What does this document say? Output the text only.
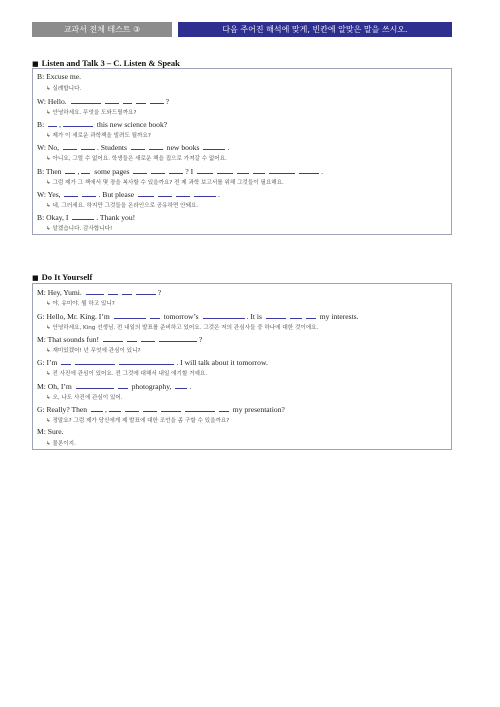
교과서 전체 테스트 ③	다음 주어진 해석에 맞게, 빈칸에 알맞은 말을 쓰시오.
■ Listen and Talk 3 – C. Listen & Speak
B: Excuse me.
↳ 실례합니다.
W: Hello.	?
↳ 안녕하세요. 무엇을 도와드릴까요?
B: ,	this new science book?
↳ 제가 이 새로운 과학책을 빌려도 될까요?
W: No,	. Students	new books	.
↳ 아니요, 그럴 수 없어요. 학생들은 새로운 책을 집으로 가져갈 수 없어요.
B: Then , some pages	? I	.
↳ 그럼 제가 그 책에서 몇 장을 복사할 수 있을까요? 전 제 과학 보고서를 위해 그것들이 필요해요.
W: Yes,	. But please	.
↳ 네, 그러세요. 하지만 그것들을 온라인으로 공유하면 안돼요.
B: Okay, I	. Thank you!
↳ 알겠습니다. 감사합니다!
■ Do It Yourself
M: Hey, Yumi.	?
↳ 야, 유미야. 뭘 하고 있니?
G: Hello, Mr. King. I’m	tomorrow’s	. It is	my interests.
↳ 안녕하세요, King 선생님. 전 내일의 발표를 준비하고 있어요. 그것은 저의 관심사들 중 하나에 대한 것이에요.
M: That sounds fun!	?
↳ 재미있겠어! 넌 무엇에 관심이 있니?
G: I’m	. I will talk about it tomorrow.
↳ 전 사진에 관심이 있어요. 전 그것에 대해서 내일 얘기할 거예요.
M: Oh, I’m	photography, .
↳ 오, 나도 사진에 관심이 있어.
G: Really? Then ,	my presentation?
↳ 정말요? 그럼 제가 당신에게 제 발표에 대한 조언을 좀 구할 수 있을까요?
M: Sure.
↳ 물론이지.
